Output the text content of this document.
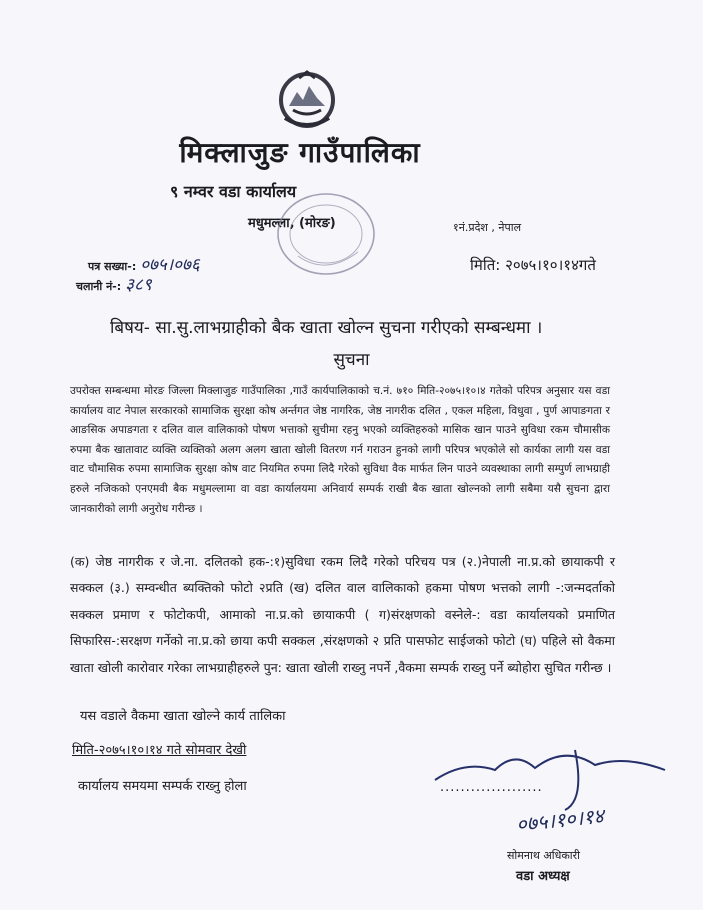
मिक्लाजुङ गाउँपालिका
९ नम्वर वडा कार्यालय
मधुमल्ला, (मोरङ)	१नं.प्रदेश , नेपाल
पत्र सख्या-: ०७५।०७६
चलानी नं-: ३८९
मिति: २०७५।१०।१४गते
बिषय- सा.सु.लाभग्राहीको बैक खाता खोल्न सुचना गरीएको सम्बन्धमा ।
सुचना
उपरोक्त सम्बन्धमा मोरङ जिल्ला मिक्लाजुङ गाउँपालिका ,गाउँ कार्यपालिकाको च.नं. ७१० मिति-२०७५।१०।४ गतेको परिपत्र अनुसार यस वडा कार्यालय वाट नेपाल सरकारको सामाजिक सुरक्षा कोष अर्न्तगत जेष्ठ नागरिक, जेष्ठ नागरीक दलित , एकल महिला, विधुवा , पुर्ण आपाङगता र आङसिक अपाङगता र दलित वाल वालिकाको पोषण भत्ताको सुचीमा रहनु भएको व्यक्तिहरुको मासिक खान पाउने सुविधा रकम चौमासीक रुपमा बैक खातावाट व्यक्ति व्यक्तिको अलग अलग खाता खोली वितरण गर्न गराउन हुनको लागी परिपत्र भएकोले सो कार्यका लागी यस वडा वाट चौमासिक रुपमा सामाजिक सुरक्षा कोष वाट नियमित रुपमा लिदै गरेको सुविधा वैक मार्फत लिन पाउने व्यवस्थाका लागी सम्पुर्ण लाभग्राही हरुले नजिकको एनएमवी बैक मधुमल्लामा वा वडा कार्यालयमा अनिवार्य सम्पर्क राखी बैक खाता खोल्नको लागी सबैमा यसै सुचना द्वारा जानकारीको लागी अनुरोध गरीन्छ ।
(क) जेष्ठ नागरीक र जे.ना. दलितको हक-:१)सुविधा रकम लिदै गरेको परिचय पत्र (२.)नेपाली ना.प्र.को छायाकपी र सक्कल (३.) सम्वन्धीत ब्यक्तिको फोटो २प्रति (ख) दलित वाल वालिकाको हकमा पोषण भत्तको लागी -:जन्मदर्ताको सक्कल प्रमाण र फोटोकपी, आमाको ना.प्र.को छायाकपी ( ग)संरक्षणको वस्नेले-: वडा कार्यालयको प्रमाणित सिफारिस-:सरक्षण गर्नेको ना.प्र.को छाया कपी सक्कल ,संरक्षणको २ प्रति पासफोट साईजको फोटो (घ) पहिले सो वैकमा खाता खोली कारोवार गरेका लाभग्राहीहरुले पुन: खाता खोली राख्नु नपर्ने ,वैकमा सम्पर्क राख्नु पर्ने ब्योहोरा सुचित गरीन्छ ।
यस वडाले वैकमा खाता खोल्ने कार्य तालिका
मिति-२०७५।१०।१४ गते सोमवार देखी
कार्यालय समयमा सम्पर्क राख्नु होला	....................
०७५।१०।१४
सोमनाथ अधिकारी
वडा अध्यक्ष
